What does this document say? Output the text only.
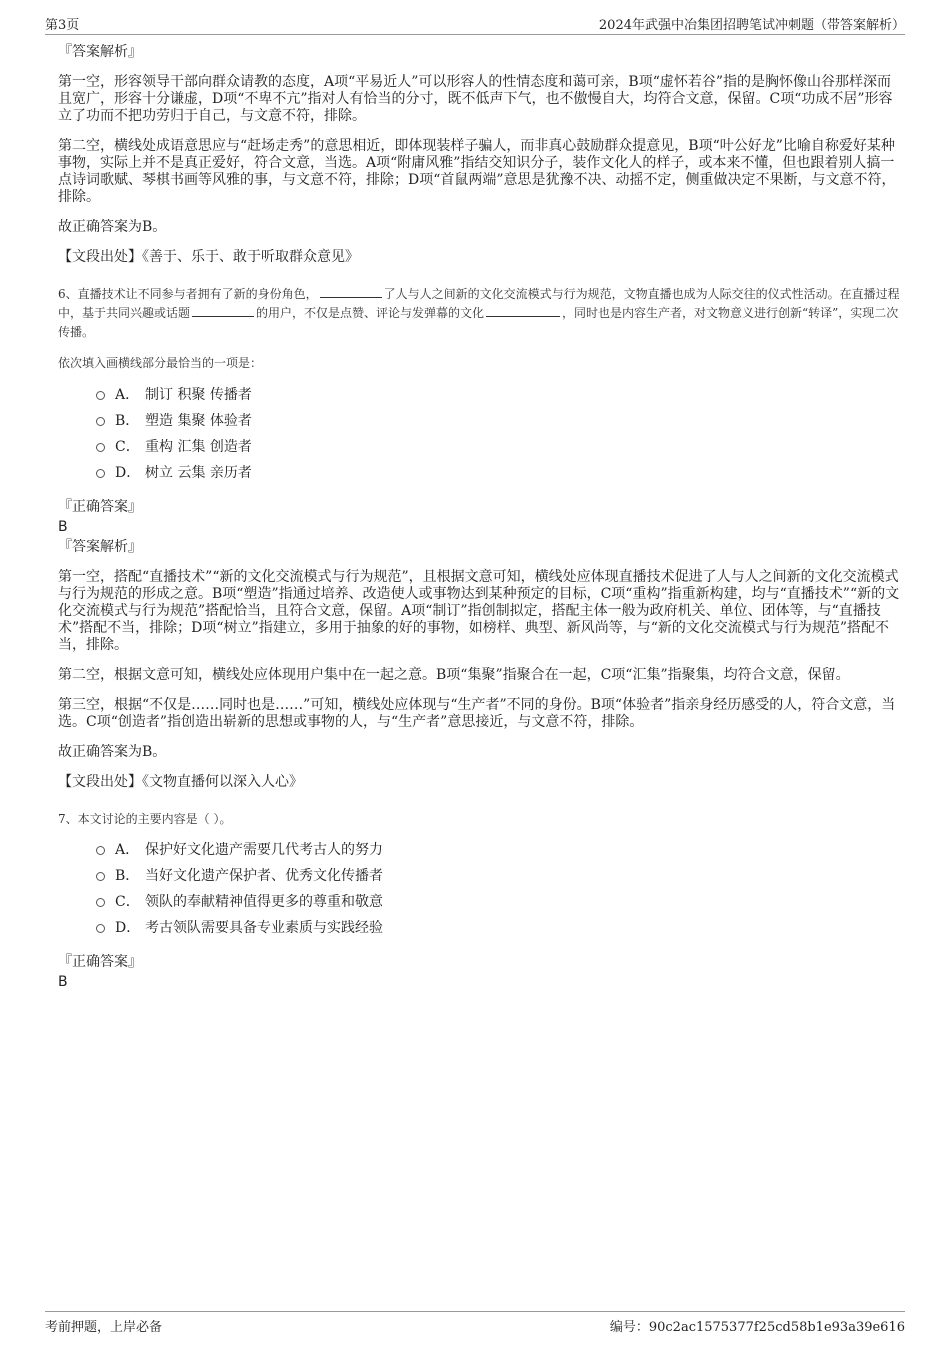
第3页	2024年武强中冶集团招聘笔试冲刺题（带答案解析）
『答案解析』

第一空，形容领导干部向群众请教的态度，A项“平易近人”可以形容人的性情态度和蔼可亲，B项“虚怀若谷”指的是胸怀像山谷那样深而且宽广，形容十分谦虚，D项“不卑不亢”指对人有恰当的分寸，既不低声下气，也不傲慢自大，均符合文意，保留。C项“功成不居”形容立了功而不把功劳归于自己，与文意不符，排除。

第二空，横线处成语意思应与“赶场走秀”的意思相近，即体现装样子骗人，而非真心鼓励群众提意见，B项“叶公好龙”比喻自称爱好某种事物，实际上并不是真正爱好，符合文意，当选。A项“附庸风雅”指结交知识分子，装作文化人的样子，或本来不懂，但也跟着别人搞一点诗词歌赋、琴棋书画等风雅的事，与文意不符，排除；D项“首鼠两端”意思是犹豫不决、动摇不定，侧重做决定不果断，与文意不符，排除。

故正确答案为B。

【文段出处】《善于、乐于、敢于听取群众意见》

6、直播技术让不同参与者拥有了新的身份角色，	了人与人之间新的文化交流模式与行为规范，文物直播也成为人际交往的仪式性活动。在直播过程中，基于共同兴趣或话题	的用户，不仅是点赞、评论与发弹幕的文化	，同时也是内容生产者，对文物意义进行创新“转译”，实现二次传播。
依次填入画横线部分最恰当的一项是：
A． 制订 积聚 传播者
B． 塑造 集聚 体验者
C． 重构 汇集 创造者
D． 树立 云集 亲历者
『正确答案』
B
『答案解析』

第一空，搭配“直播技术”“新的文化交流模式与行为规范”，且根据文意可知，横线处应体现直播技术促进了人与人之间新的文化交流模式与行为规范的形成之意。B项“塑造”指通过培养、改造使人或事物达到某种预定的目标，C项“重构”指重新构建，均与“直播技术”“新的文化交流模式与行为规范”搭配恰当，且符合文意，保留。A项“制订”指创制拟定，搭配主体一般为政府机关、单位、团体等，与“直播技术”搭配不当，排除；D项“树立”指建立，多用于抽象的好的事物，如榜样、典型、新风尚等，与“新的文化交流模式与行为规范”搭配不当，排除。

第二空，根据文意可知，横线处应体现用户集中在一起之意。B项“集聚”指聚合在一起，C项“汇集”指聚集，均符合文意，保留。

第三空，根据“不仅是……同时也是……”可知，横线处应体现与“生产者”不同的身份。B项“体验者”指亲身经历感受的人，符合文意，当选。C项“创造者”指创造出崭新的思想或事物的人，与“生产者”意思接近，与文意不符，排除。

故正确答案为B。

【文段出处】《文物直播何以深入人心》

7、本文讨论的主要内容是（ ）。
A． 保护好文化遗产需要几代考古人的努力
B． 当好文化遗产保护者、优秀文化传播者
C． 领队的奉献精神值得更多的尊重和敬意
D． 考古领队需要具备专业素质与实践经验
『正确答案』
B
考前押题，上岸必备	编号：90c2ac1575377f25cd58b1e93a39e616
